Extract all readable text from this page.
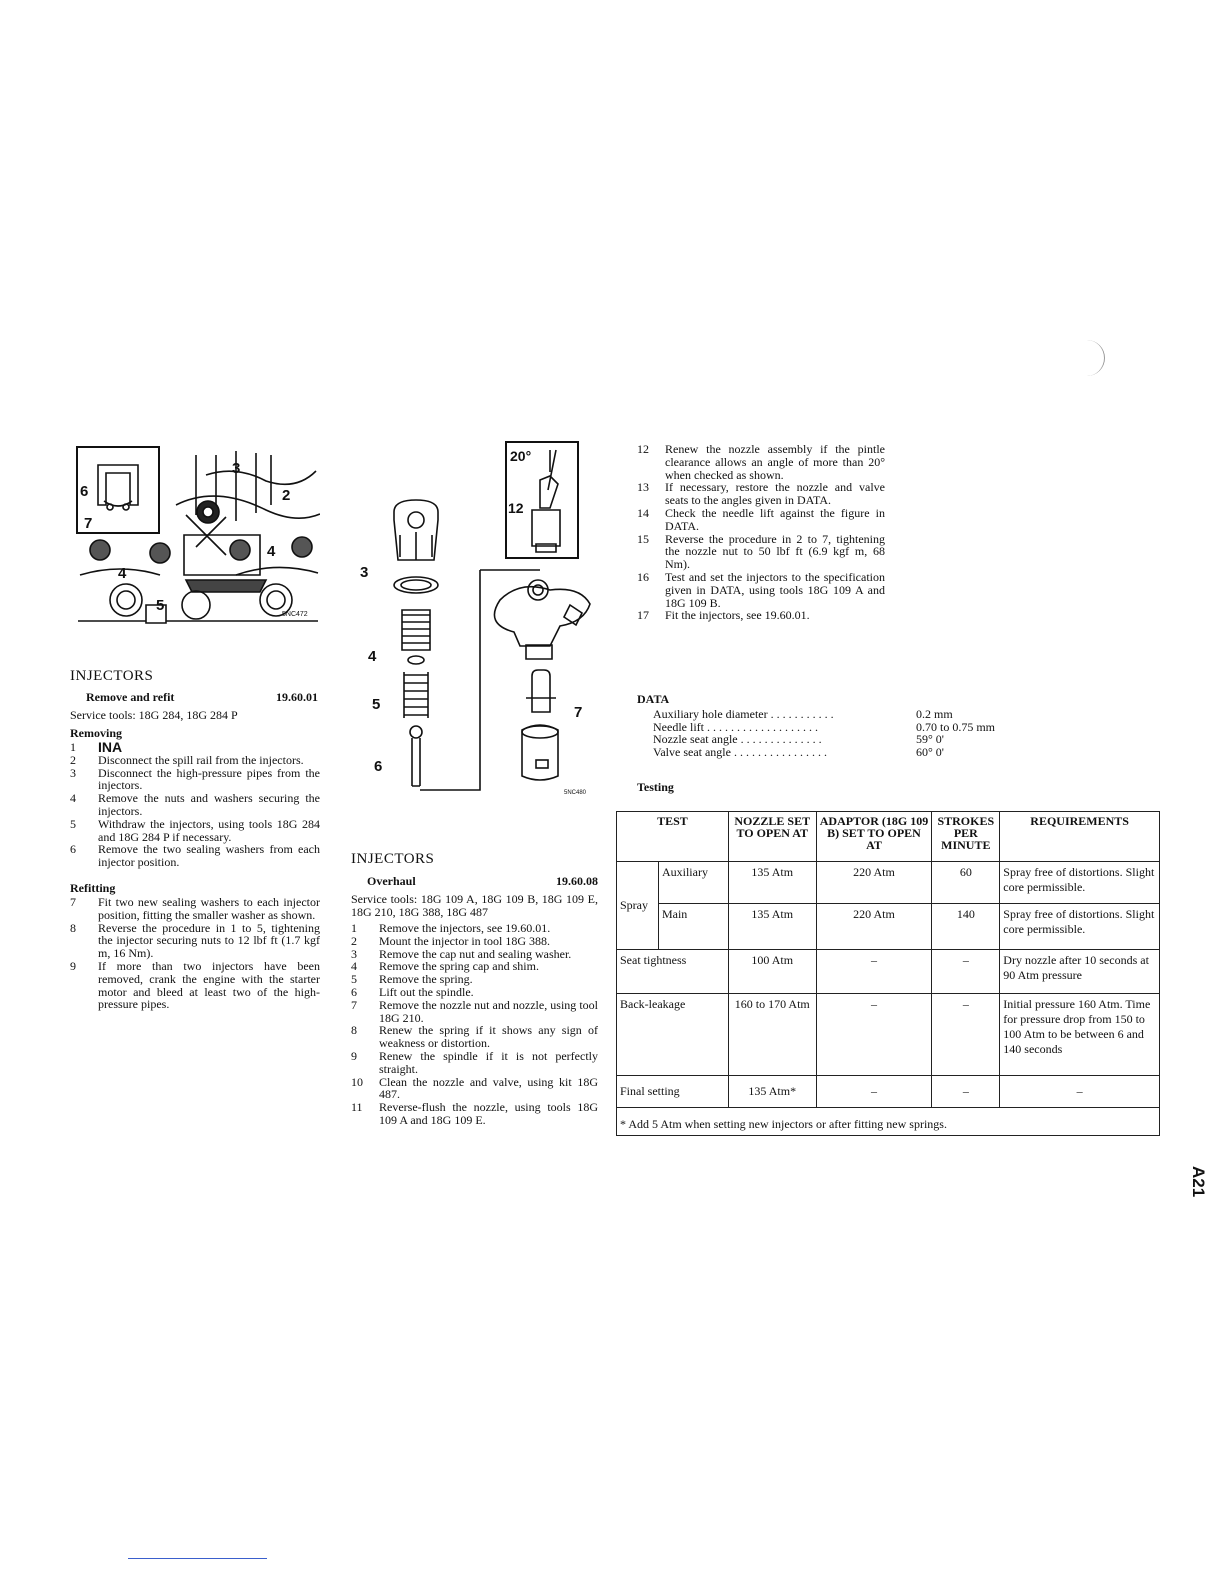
6
7
3
2
4
4
5
5NC472
INJECTORS
Remove and refit	19.60.01
Service tools: 18G 284, 18G 284 P
Removing
1	INA
2	Disconnect the spill rail from the injectors.
3	Disconnect the high-pressure pipes from the injectors.
4	Remove the nuts and washers securing the injectors.
5	Withdraw the injectors, using tools 18G 284 and 18G 284 P if necessary.
6	Remove the two sealing washers from each injector position.
Refitting
7	Fit two new sealing washers to each injector position, fitting the smaller washer as shown.
8	Reverse the procedure in 1 to 5, tightening the injector securing nuts to 12 lbf ft (1.7 kgf m, 16 Nm).
9	If more than two injectors have been removed, crank the engine with the starter motor and bleed at least two of the high-pressure pipes.
20°
12
3
4
5
6
7
5NC480
INJECTORS
Overhaul	19.60.08
Service tools: 18G 109 A, 18G 109 B, 18G 109 E, 18G 210, 18G 388, 18G 487
1	Remove the injectors, see 19.60.01.
2	Mount the injector in tool 18G 388.
3	Remove the cap nut and sealing washer.
4	Remove the spring cap and shim.
5	Remove the spring.
6	Lift out the spindle.
7	Remove the nozzle nut and nozzle, using tool 18G 210.
8	Renew the spring if it shows any sign of weakness or distortion.
9	Renew the spindle if it is not perfectly straight.
10	Clean the nozzle and valve, using kit 18G 487.
11	Reverse-flush the nozzle, using tools 18G 109 A and 18G 109 E.
12	Renew the nozzle assembly if the pintle clearance allows an angle of more than 20° when checked as shown.
13	If necessary, restore the nozzle and valve seats to the angles given in DATA.
14	Check the needle lift against the figure in DATA.
15	Reverse the procedure in 2 to 7, tightening the nozzle nut to 50 lbf ft (6.9 kgf m, 68 Nm).
16	Test and set the injectors to the specification given in DATA, using tools 18G 109 A and 18G 109 B.
17	Fit the injectors, see 19.60.01.
DATA
Auxiliary hole diameter . . . . . . . . . . .	0.2 mm
Needle lift . . . . . . . . . . . . . . . . . . .	0.70 to 0.75 mm
Nozzle seat angle . . . . . . . . . . . . . .	59° 0'
Valve seat angle . . . . . . . . . . . . . . . .	60° 0'
Testing
TEST		NOZZLE SET TO OPEN AT	ADAPTOR (18G 109 B) SET TO OPEN AT	STROKES PER MINUTE	REQUIREMENTS
Spray	Auxiliary	135 Atm	220 Atm	60	Spray free of distortions. Slight core permissible.
	Main	135 Atm	220 Atm	140	Spray free of distortions. Slight core permissible.
Seat tightness		100 Atm	–	–	Dry nozzle after 10 seconds at 90 Atm pressure
Back-leakage		160 to 170 Atm	–	–	Initial pressure 160 Atm. Time for pressure drop from 150 to 100 Atm to be between 6 and 140 seconds
Final setting		135 Atm*	–	–	–
* Add 5 Atm when setting new injectors or after fitting new springs.					
A21
